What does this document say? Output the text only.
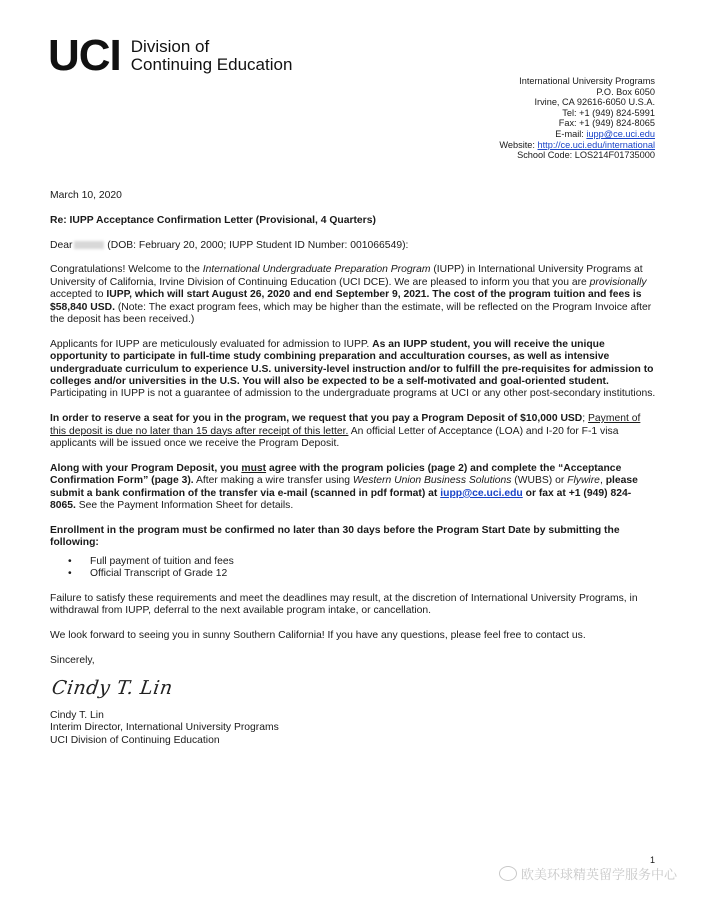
UCI Division of
Continuing Education
International University Programs
P.O. Box 6050
Irvine, CA 92616-6050 U.S.A.
Tel: +1 (949) 824-5991
Fax: +1 (949) 824-8065
E-mail: iupp@ce.uci.edu
Website: http://ce.uci.edu/international
School Code: LOS214F01735000

March 10, 2020

Re: IUPP Acceptance Confirmation Letter (Provisional, 4 Quarters)

Dear	(DOB: February 20, 2000; IUPP Student ID Number: 001066549):

Congratulations! Welcome to the International Undergraduate Preparation Program (IUPP) in International University Programs at University of California, Irvine Division of Continuing Education (UCI DCE). We are pleased to inform you that you are provisionally accepted to IUPP, which will start August 26, 2020 and end September 9, 2021. The cost of the program tuition and fees is $58,840 USD. (Note: The exact program fees, which may be higher than the estimate, will be reflected on the Program Invoice after the deposit has been received.)

Applicants for IUPP are meticulously evaluated for admission to IUPP. As an IUPP student, you will receive the unique opportunity to participate in full-time study combining preparation and acculturation courses, as well as intensive undergraduate curriculum to experience U.S. university-level instruction and/or to fulfill the pre-requisites for admission to colleges and/or universities in the U.S. You will also be expected to be a self-motivated and goal-oriented student. Participating in IUPP is not a guarantee of admission to the undergraduate programs at UCI or any other post-secondary institutions.

In order to reserve a seat for you in the program, we request that you pay a Program Deposit of $10,000 USD; Payment of this deposit is due no later than 15 days after receipt of this letter. An official Letter of Acceptance (LOA) and I-20 for F-1 visa applicants will be issued once we receive the Program Deposit.

Along with your Program Deposit, you must agree with the program policies (page 2) and complete the “Acceptance Confirmation Form” (page 3). After making a wire transfer using Western Union Business Solutions (WUBS) or Flywire, please submit a bank confirmation of the transfer via e-mail (scanned in pdf format) at iupp@ce.uci.edu or fax at +1 (949) 824-8065. See the Payment Information Sheet for details.

Enrollment in the program must be confirmed no later than 30 days before the Program Start Date by submitting the following:

• Full payment of tuition and fees
• Official Transcript of Grade 12

Failure to satisfy these requirements and meet the deadlines may result, at the discretion of International University Programs, in withdrawal from IUPP, deferral to the next available program intake, or cancellation.

We look forward to seeing you in sunny Southern California! If you have any questions, please feel free to contact us.

Sincerely,

Cindy T. Lin
Cindy T. Lin
Interim Director, International University Programs
UCI Division of Continuing Education
1
欧美环球精英留学服务中心
